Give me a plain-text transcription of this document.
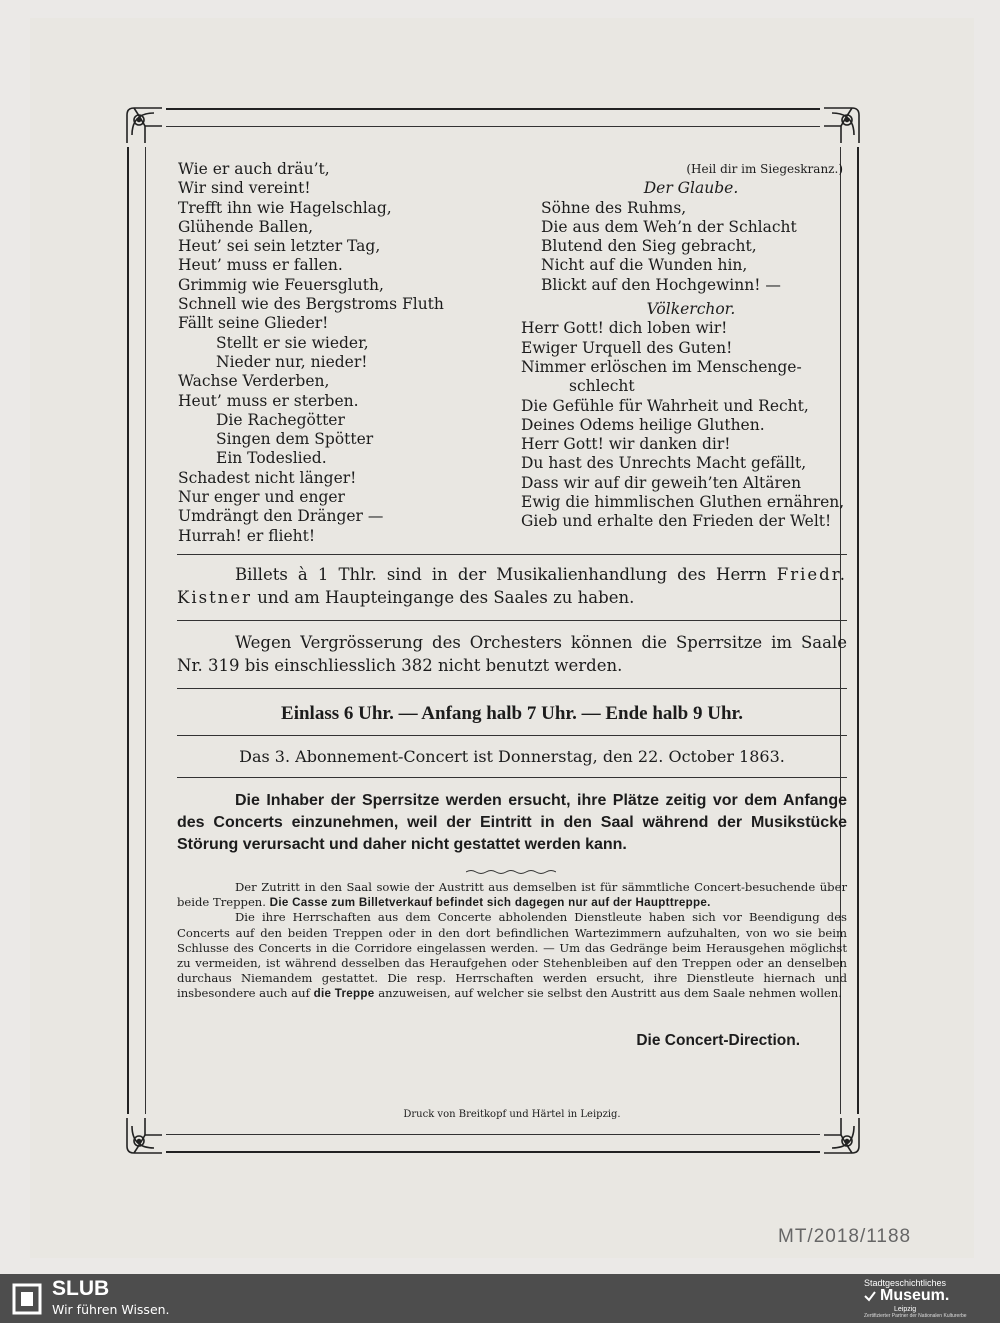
Wie er auch dräu’t,
Wir sind vereint!
Trefft ihn wie Hagelschlag,
Glühende Ballen,
Heut’ sei sein letzter Tag,
Heut’ muss er fallen.
Grimmig wie Feuersgluth,
Schnell wie des Bergstroms Fluth
Fällt seine Glieder!
Stellt er sie wieder,
Nieder nur, nieder!
Wachse Verderben,
Heut’ muss er sterben.
Die Rachegötter
Singen dem Spötter
Ein Todeslied.
Schadest nicht länger!
Nur enger und enger
Umdrängt den Dränger —
Hurrah! er flieht!
(Heil dir im Siegeskranz.)
Der Glaube.
Söhne des Ruhms,
Die aus dem Weh’n der Schlacht
Blutend den Sieg gebracht,
Nicht auf die Wunden hin,
Blickt auf den Hochgewinn! —
Völkerchor.
Herr Gott! dich loben wir!
Ewiger Urquell des Guten!
Nimmer erlöschen im Menschenge-
schlecht
Die Gefühle für Wahrheit und Recht,
Deines Odems heilige Gluthen.
Herr Gott! wir danken dir!
Du hast des Unrechts Macht gefällt,
Dass wir auf dir geweih’ten Altären
Ewig die himmlischen Gluthen ernähren,
Gieb und erhalte den Frieden der Welt!
Billets à 1 Thlr. sind in der Musikalienhandlung des Herrn Friedr. Kistner und am Haupteingange des Saales zu haben.
Wegen Vergrösserung des Orchesters können die Sperrsitze im Saale Nr. 319 bis einschliesslich 382 nicht benutzt werden.
Einlass 6 Uhr. — Anfang halb 7 Uhr. — Ende halb 9 Uhr.
Das 3. Abonnement-Concert ist Donnerstag, den 22. October 1863.
Die Inhaber der Sperrsitze werden ersucht, ihre Plätze zeitig vor dem Anfange des Concerts einzunehmen, weil der Eintritt in den Saal während der Musikstücke Störung verursacht und daher nicht gestattet werden kann.
Der Zutritt in den Saal sowie der Austritt aus demselben ist für sämmtliche Concert-besuchende über beide Treppen. Die Casse zum Billetverkauf befindet sich dagegen nur auf der Haupttreppe.
Die ihre Herrschaften aus dem Concerte abholenden Dienstleute haben sich vor Beendigung des Concerts auf den beiden Treppen oder in den dort befindlichen Wartezimmern aufzuhalten, von wo sie beim Schlusse des Concerts in die Corridore eingelassen werden. — Um das Gedränge beim Herausgehen möglichst zu vermeiden, ist während desselben das Heraufgehen oder Stehenbleiben auf den Treppen oder an denselben durchaus Niemandem gestattet. Die resp. Herrschaften werden ersucht, ihre Dienstleute hiernach und insbesondere auch auf die Treppe anzuweisen, auf welcher sie selbst den Austritt aus dem Saale nehmen wollen.
Die Concert-Direction.
Druck von Breitkopf und Härtel in Leipzig.
MT/2018/1188
SLUB
Wir führen Wissen.
Stadtgeschichtliches
Museum.
Leipzig
Zertifizierter Partner der Nationalen Kulturerbe
